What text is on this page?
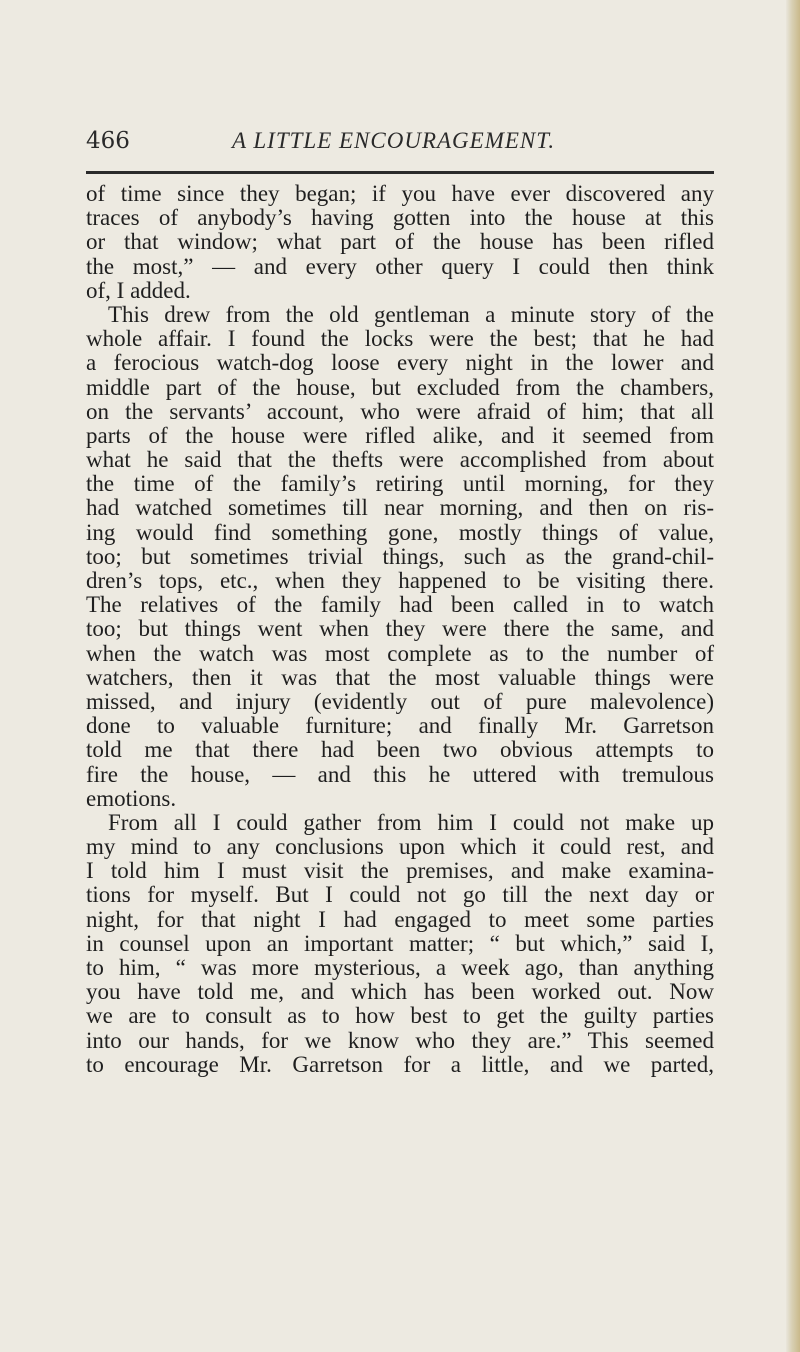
466	A LITTLE ENCOURAGEMENT.
of time since they began; if you have ever discovered any
traces of anybody’s having gotten into the house at this
or that window; what part of the house has been rifled
the most,” — and every other query I could then think
of, I added.
This drew from the old gentleman a minute story of the
whole affair. I found the locks were the best; that he had
a ferocious watch-dog loose every night in the lower and
middle part of the house, but excluded from the chambers,
on the servants’ account, who were afraid of him; that all
parts of the house were rifled alike, and it seemed from
what he said that the thefts were accomplished from about
the time of the family’s retiring until morning, for they
had watched sometimes till near morning, and then on ris-
ing would find something gone, mostly things of value,
too; but sometimes trivial things, such as the grand-chil-
dren’s tops, etc., when they happened to be visiting there.
The relatives of the family had been called in to watch
too; but things went when they were there the same, and
when the watch was most complete as to the number of
watchers, then it was that the most valuable things were
missed, and injury (evidently out of pure malevolence)
done to valuable furniture; and finally Mr. Garretson
told me that there had been two obvious attempts to
fire the house, — and this he uttered with tremulous
emotions.
From all I could gather from him I could not make up
my mind to any conclusions upon which it could rest, and
I told him I must visit the premises, and make examina-
tions for myself. But I could not go till the next day or
night, for that night I had engaged to meet some parties
in counsel upon an important matter; “ but which,” said I,
to him, “ was more mysterious, a week ago, than anything
you have told me, and which has been worked out. Now
we are to consult as to how best to get the guilty parties
into our hands, for we know who they are.” This seemed
to encourage Mr. Garretson for a little, and we parted,
